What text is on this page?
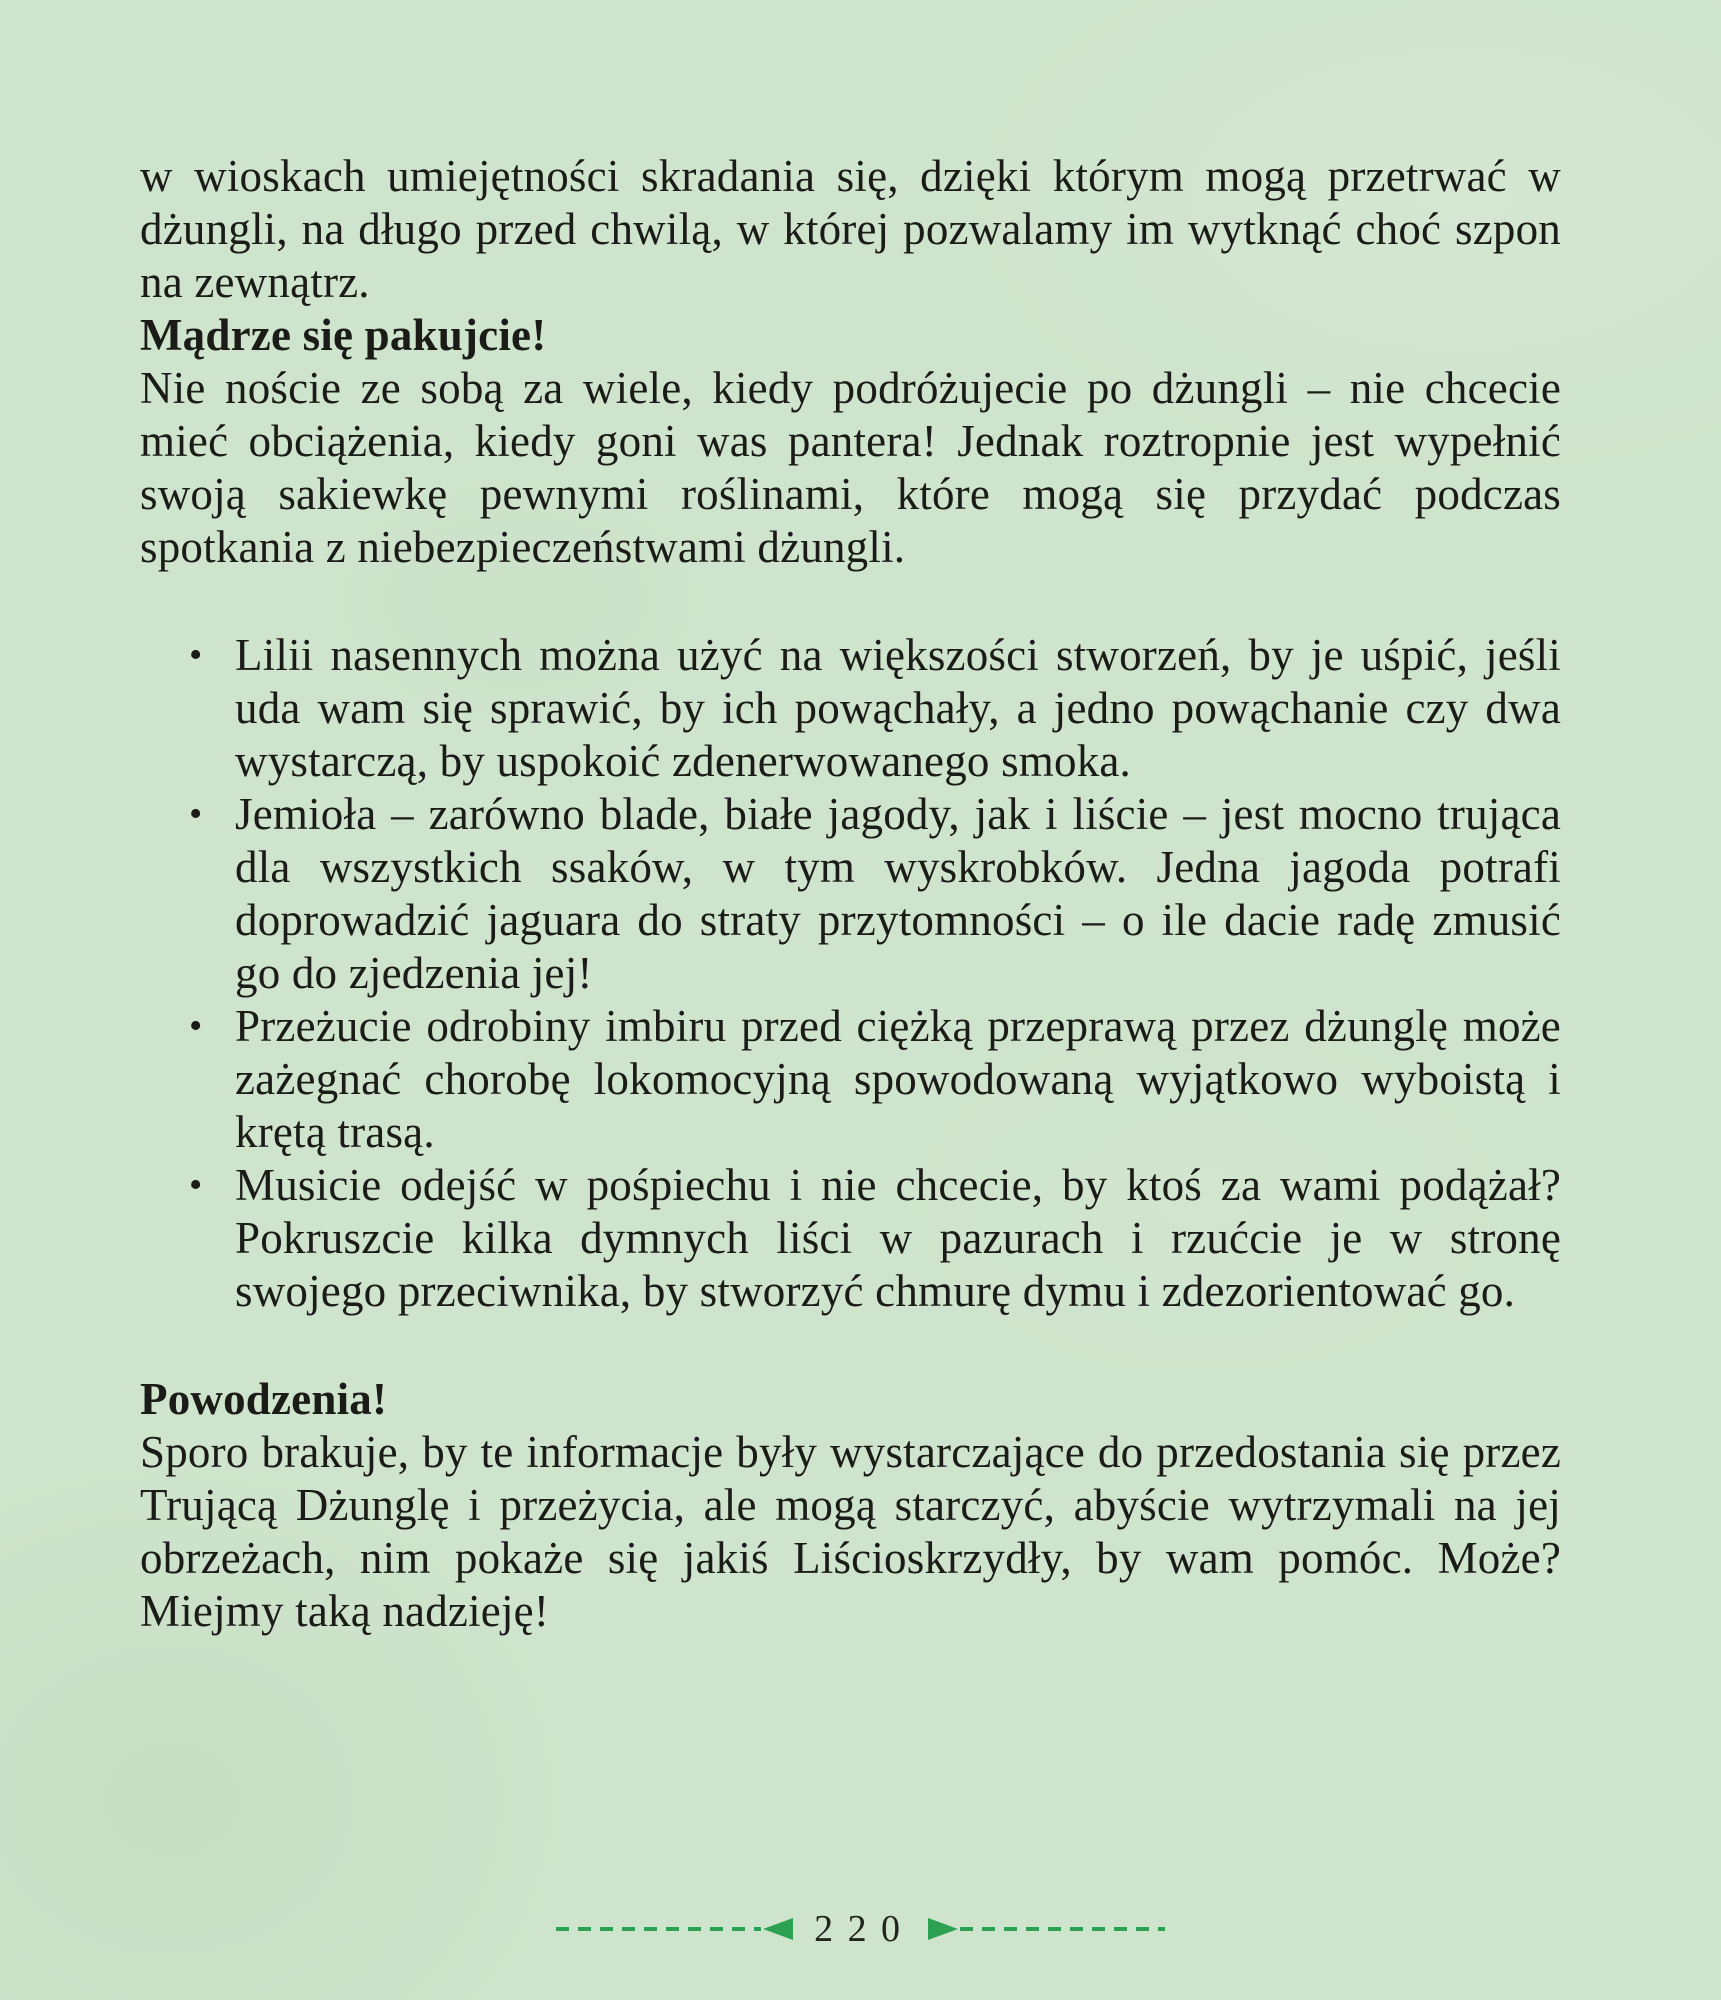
w wioskach umiejętności skradania się, dzięki którym mogą przetrwać w dżungli, na długo przed chwilą, w której pozwalamy im wytknąć choć szpon na zewnątrz.

Mądrze się pakujcie!

Nie noście ze sobą za wiele, kiedy podróżujecie po dżungli – nie chcecie mieć obciążenia, kiedy goni was pantera! Jednak roztropnie jest wypełnić swoją sakiewkę pewnymi roślinami, które mogą się przydać podczas spotkania z niebezpieczeństwami dżungli.

• Lilii nasennych można użyć na większości stworzeń, by je uśpić, jeśli uda wam się sprawić, by ich powąchały, a jedno powąchanie czy dwa wystarczą, by uspokoić zdenerwowanego smoka.
• Jemioła – zarówno blade, białe jagody, jak i liście – jest mocno trująca dla wszystkich ssaków, w tym wyskrobków. Jedna jagoda potrafi doprowadzić jaguara do straty przytomności – o ile dacie radę zmusić go do zjedzenia jej!
• Przeżucie odrobiny imbiru przed ciężką przeprawą przez dżunglę może zażegnać chorobę lokomocyjną spowodowaną wyjątkowo wyboistą i krętą trasą.
• Musicie odejść w pośpiechu i nie chcecie, by ktoś za wami podążał? Pokruszcie kilka dymnych liści w pazurach i rzućcie je w stronę swojego przeciwnika, by stworzyć chmurę dymu i zdezorientować go.
Powodzenia!

Sporo brakuje, by te informacje były wystarczające do przedostania się przez Trującą Dżunglę i przeżycia, ale mogą starczyć, abyście wytrzymali na jej obrzeżach, nim pokaże się jakiś Liścioskrzydły, by wam pomóc. Może? Miejmy taką nadzieję!

220
